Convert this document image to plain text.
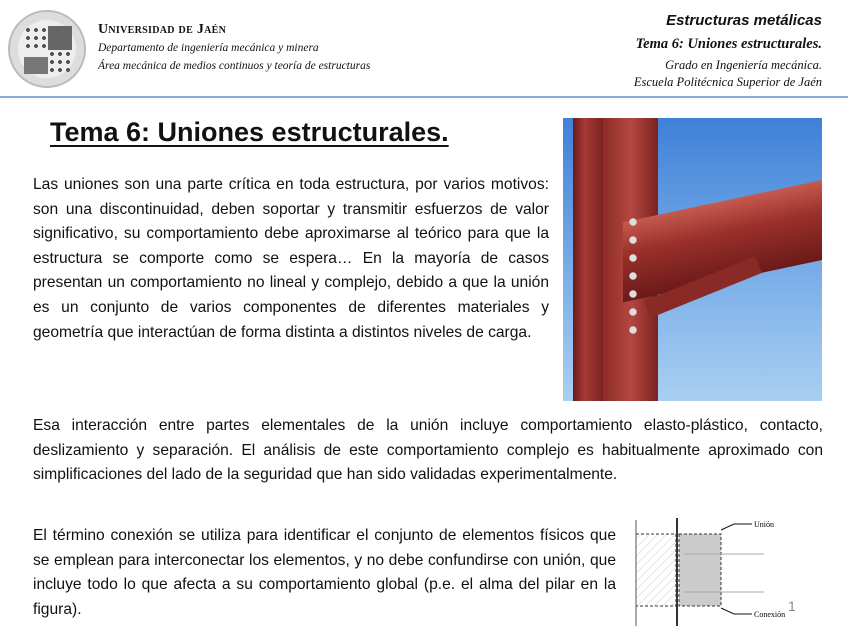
Universidad de Jaén
Departamento de ingeniería mecánica y minera
Área mecánica de medios continuos y teoría de estructuras
Estructuras metálicas
Tema 6: Uniones estructurales.
Grado en Ingeniería mecánica.
Escuela Politécnica Superior de Jaén
Tema 6: Uniones estructurales.
Las uniones son una parte crítica en toda estructura, por varios motivos: son una discontinuidad, deben soportar y transmitir esfuerzos de valor significativo, su comportamiento debe aproximarse al teórico para que la estructura se comporte como se espera… En la mayoría de casos presentan un comportamiento no lineal y complejo, debido a que la unión es un conjunto de varios componentes de diferentes materiales y geometría que interactúan de forma distinta a distintos niveles de carga.
Esa interacción entre partes elementales de la unión incluye comportamiento elasto-plástico, contacto, deslizamiento y separación. El análisis de este comportamiento complejo es habitualmente aproximado con simplificaciones del lado de la seguridad que han sido validadas experimentalmente.
El término conexión se utiliza para identificar el conjunto de elementos físicos que se emplean para interconectar los elementos, y no debe confundirse con unión, que incluye todo lo que afecta a su comportamiento global (p.e. el alma del pilar en la figura).
Unión
Conexión
1
